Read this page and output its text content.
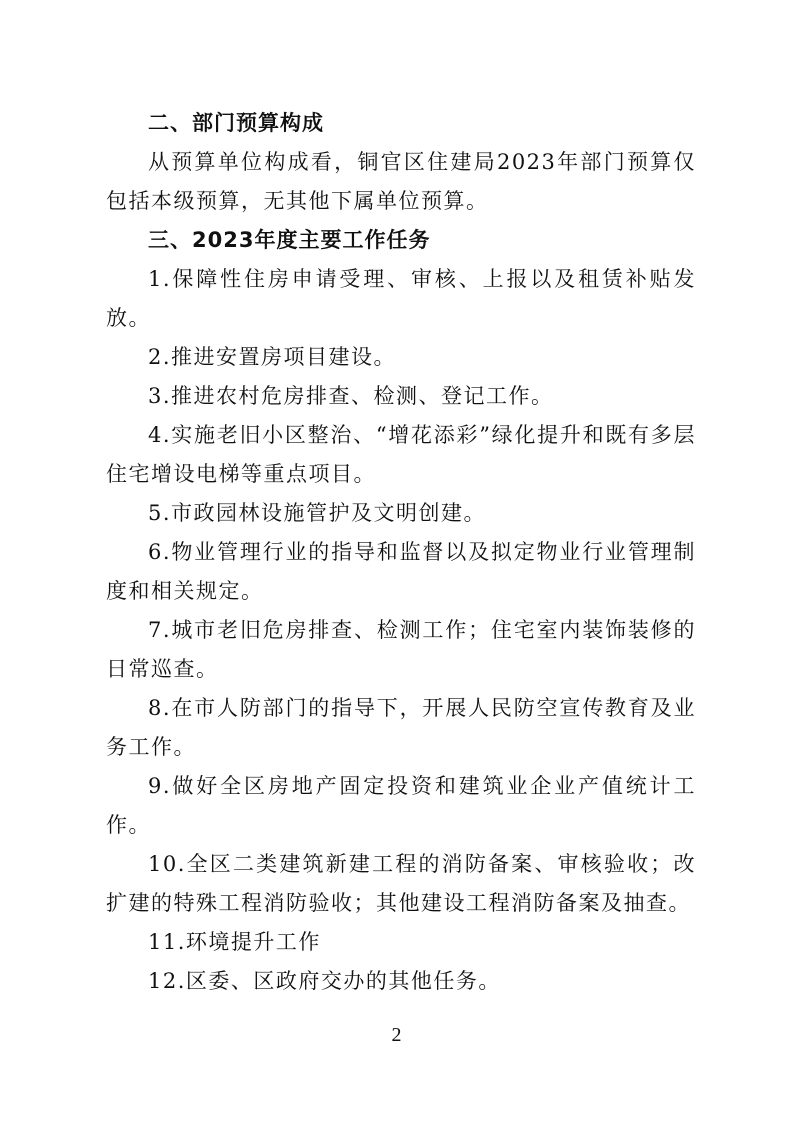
二、部门预算构成

从预算单位构成看，铜官区住建局2023年部门预算仅包括本级预算，无其他下属单位预算。

三、2023年度主要工作任务

1.保障性住房申请受理、审核、上报以及租赁补贴发放。

2.推进安置房项目建设。

3.推进农村危房排查、检测、登记工作。

4.实施老旧小区整治、“增花添彩”绿化提升和既有多层住宅增设电梯等重点项目。

5.市政园林设施管护及文明创建。

6.物业管理行业的指导和监督以及拟定物业行业管理制度和相关规定。

7.城市老旧危房排查、检测工作；住宅室内装饰装修的日常巡查。

8.在市人防部门的指导下，开展人民防空宣传教育及业务工作。

9.做好全区房地产固定投资和建筑业企业产值统计工作。

10.全区二类建筑新建工程的消防备案、审核验收；改扩建的特殊工程消防验收；其他建设工程消防备案及抽查。

11.环境提升工作

12.区委、区政府交办的其他任务。

2
